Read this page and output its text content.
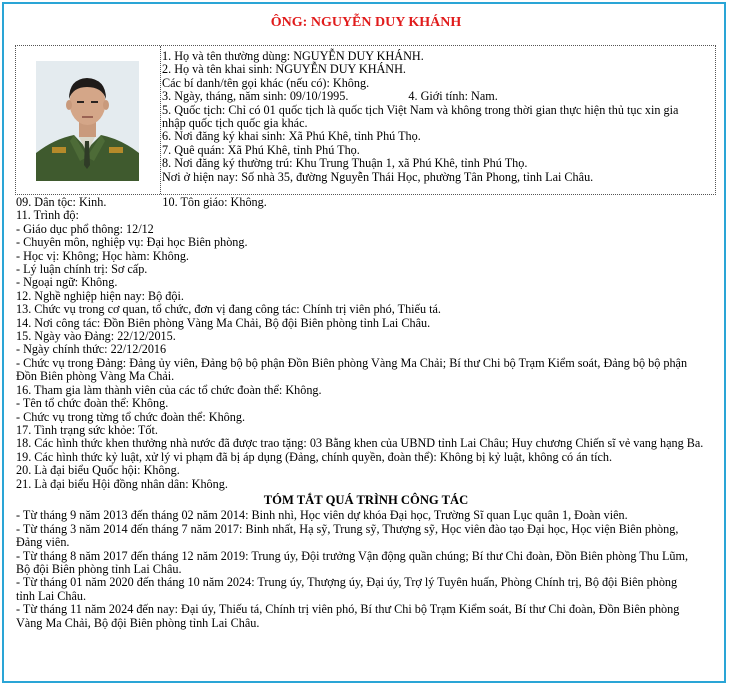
ÔNG: NGUYỄN DUY KHÁNH
1. Họ và tên thường dùng: NGUYỄN DUY KHÁNH.
2. Họ và tên khai sinh: NGUYỄN DUY KHÁNH.
Các bí danh/tên gọi khác (nếu có): Không.
3. Ngày, tháng, năm sinh: 09/10/1995.	4. Giới tính: Nam.
5. Quốc tịch: Chỉ có 01 quốc tịch là quốc tịch Việt Nam và không trong thời gian thực hiện thủ tục xin gia
nhập quốc tịch quốc gia khác.
6. Nơi đăng ký khai sinh: Xã Phú Khê, tỉnh Phú Thọ.
7. Quê quán: Xã Phú Khê, tỉnh Phú Thọ.
8. Nơi đăng ký thường trú: Khu Trung Thuận 1, xã Phú Khê, tỉnh Phú Thọ.
Nơi ở hiện nay: Số nhà 35, đường Nguyễn Thái Học, phường Tân Phong, tỉnh Lai Châu.
09. Dân tộc: Kinh.	10. Tôn giáo: Không.
11. Trình độ:
- Giáo dục phổ thông: 12/12
- Chuyên môn, nghiệp vụ: Đại học Biên phòng.
- Học vị: Không; Học hàm: Không.
- Lý luận chính trị: Sơ cấp.
- Ngoại ngữ: Không.
12. Nghề nghiệp hiện nay: Bộ đội.
13. Chức vụ trong cơ quan, tổ chức, đơn vị đang công tác: Chính trị viên phó, Thiếu tá.
14. Nơi công tác: Đồn Biên phòng Vàng Ma Chải, Bộ đội Biên phòng tỉnh Lai Châu.
15. Ngày vào Đảng: 22/12/2015.
- Ngày chính thức: 22/12/2016
- Chức vụ trong Đảng: Đảng ủy viên, Đảng bộ bộ phận Đồn Biên phòng Vàng Ma Chải; Bí thư Chi bộ Trạm Kiểm soát, Đảng bộ bộ phận
Đồn Biên phòng Vàng Ma Chải.
16. Tham gia làm thành viên của các tổ chức đoàn thể: Không.
- Tên tổ chức đoàn thể: Không.
- Chức vụ trong từng tổ chức đoàn thể: Không.
17. Tình trạng sức khỏe: Tốt.
18. Các hình thức khen thưởng nhà nước đã được trao tặng: 03 Bằng khen của UBND tỉnh Lai Châu; Huy chương Chiến sĩ vẻ vang hạng Ba.
19. Các hình thức kỷ luật, xử lý vi phạm đã bị áp dụng (Đảng, chính quyền, đoàn thể): Không bị kỷ luật, không có án tích.
20. Là đại biểu Quốc hội: Không.
21. Là đại biểu Hội đồng nhân dân: Không.
TÓM TẮT QUÁ TRÌNH CÔNG TÁC
- Từ tháng 9 năm 2013 đến tháng 02 năm 2014: Binh nhì, Học viên dự khóa Đại học, Trường Sĩ quan Lục quân 1, Đoàn viên.
- Từ tháng 3 năm 2014 đến tháng 7 năm 2017: Binh nhất, Hạ sỹ, Trung sỹ, Thượng sỹ, Học viên đào tạo Đại học, Học viện Biên phòng,
Đảng viên.
- Từ tháng 8 năm 2017 đến tháng 12 năm 2019: Trung úy, Đội trưởng Vận động quần chúng; Bí thư Chi đoàn, Đồn Biên phòng Thu Lũm,
Bộ đội Biên phòng tỉnh Lai Châu.
- Từ tháng 01 năm 2020 đến tháng 10 năm 2024: Trung úy, Thượng úy, Đại úy, Trợ lý Tuyên huấn, Phòng Chính trị, Bộ đội Biên phòng
tỉnh Lai Châu.
- Từ tháng 11 năm 2024 đến nay: Đại úy, Thiếu tá, Chính trị viên phó, Bí thư Chi bộ Trạm Kiểm soát, Bí thư Chi đoàn, Đồn Biên phòng
Vàng Ma Chải, Bộ đội Biên phòng tỉnh Lai Châu.
